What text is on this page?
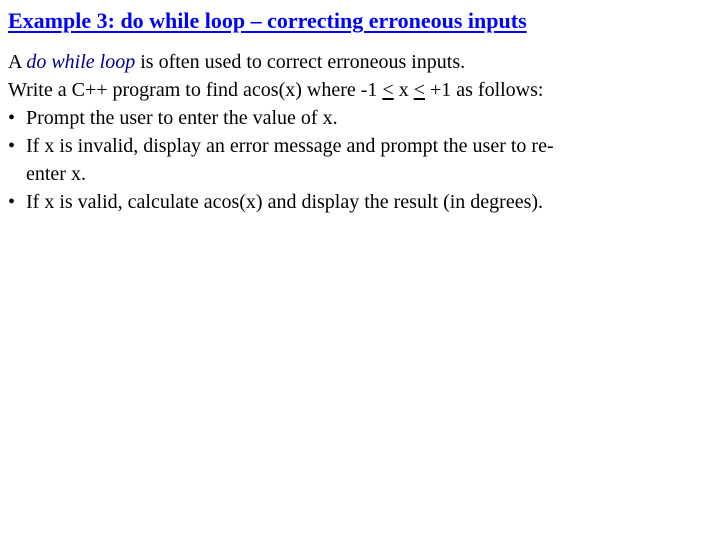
Example 3: do while loop – correcting erroneous inputs

A do while loop is often used to correct erroneous inputs.

Write a C++ program to find acos(x) where -1 ≤ x ≤ +1 as follows:

• Prompt the user to enter the value of x.
• If x is invalid, display an error message and prompt the user to re-
enter x.
• If x is valid, calculate acos(x) and display the result (in degrees).
